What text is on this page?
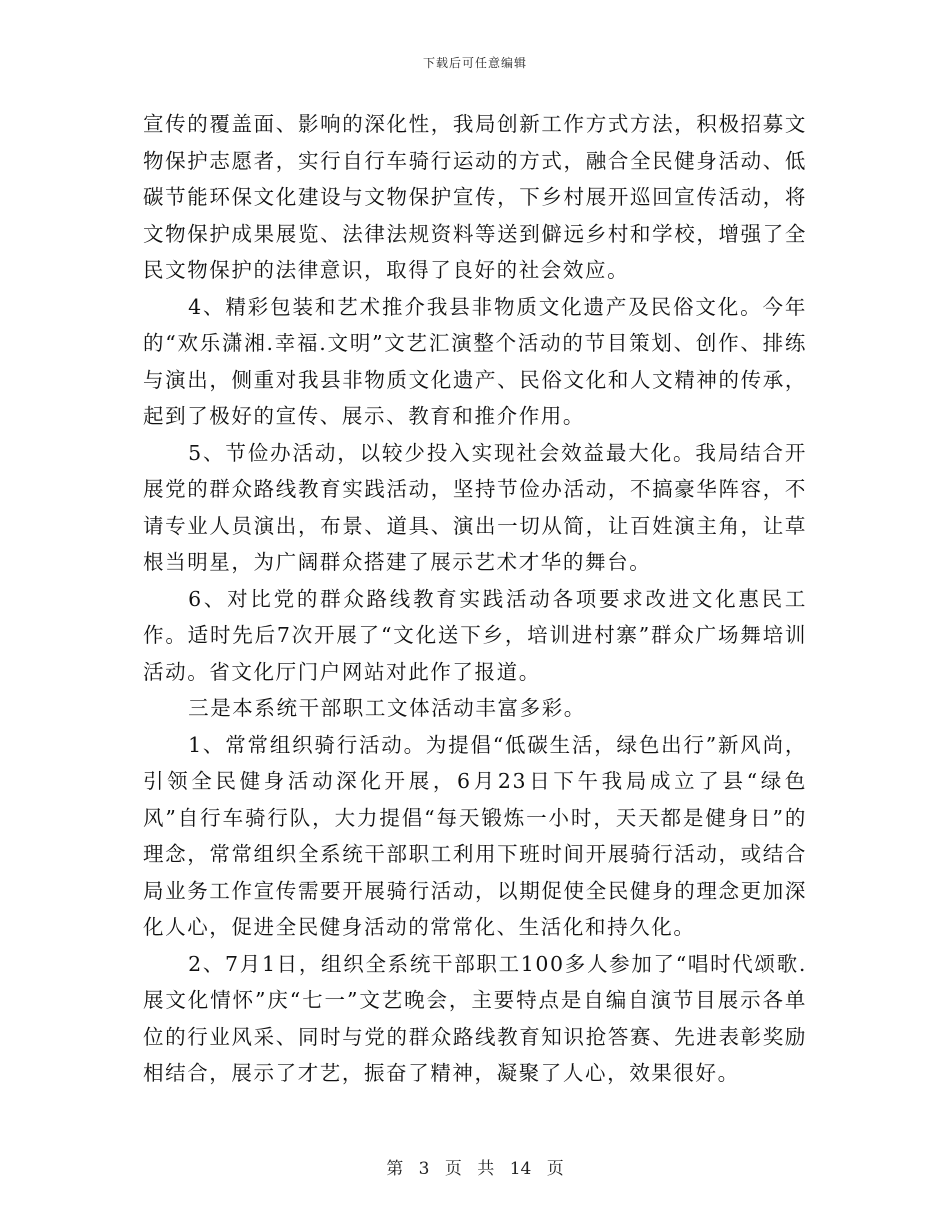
下载后可任意编辑

宣传的覆盖面、影响的深化性，我局创新工作方式方法，积极招募文物保护志愿者，实行自行车骑行运动的方式，融合全民健身活动、低碳节能环保文化建设与文物保护宣传，下乡村展开巡回宣传活动，将文物保护成果展览、法律法规资料等送到僻远乡村和学校，增强了全民文物保护的法律意识，取得了良好的社会效应。

4、精彩包装和艺术推介我县非物质文化遗产及民俗文化。今年的“欢乐潇湘.幸福.文明”文艺汇演整个活动的节目策划、创作、排练与演出，侧重对我县非物质文化遗产、民俗文化和人文精神的传承，起到了极好的宣传、展示、教育和推介作用。

5、节俭办活动，以较少投入实现社会效益最大化。我局结合开展党的群众路线教育实践活动，坚持节俭办活动，不搞豪华阵容，不请专业人员演出，布景、道具、演出一切从简，让百姓演主角，让草根当明星，为广阔群众搭建了展示艺术才华的舞台。

6、对比党的群众路线教育实践活动各项要求改进文化惠民工作。适时先后7次开展了“文化送下乡，培训进村寨”群众广场舞培训活动。省文化厅门户网站对此作了报道。

三是本系统干部职工文体活动丰富多彩。

1、常常组织骑行活动。为提倡“低碳生活，绿色出行”新风尚，引领全民健身活动深化开展，6月23日下午我局成立了县“绿色风”自行车骑行队，大力提倡“每天锻炼一小时，天天都是健身日”的理念，常常组织全系统干部职工利用下班时间开展骑行活动，或结合局业务工作宣传需要开展骑行活动，以期促使全民健身的理念更加深化人心，促进全民健身活动的常常化、生活化和持久化。

2、7月1日，组织全系统干部职工100多人参加了“唱时代颂歌.展文化情怀”庆“七一”文艺晚会，主要特点是自编自演节目展示各单位的行业风采、同时与党的群众路线教育知识抢答赛、先进表彰奖励相结合，展示了才艺，振奋了精神，凝聚了人心，效果很好。

第 3 页 共 14 页
